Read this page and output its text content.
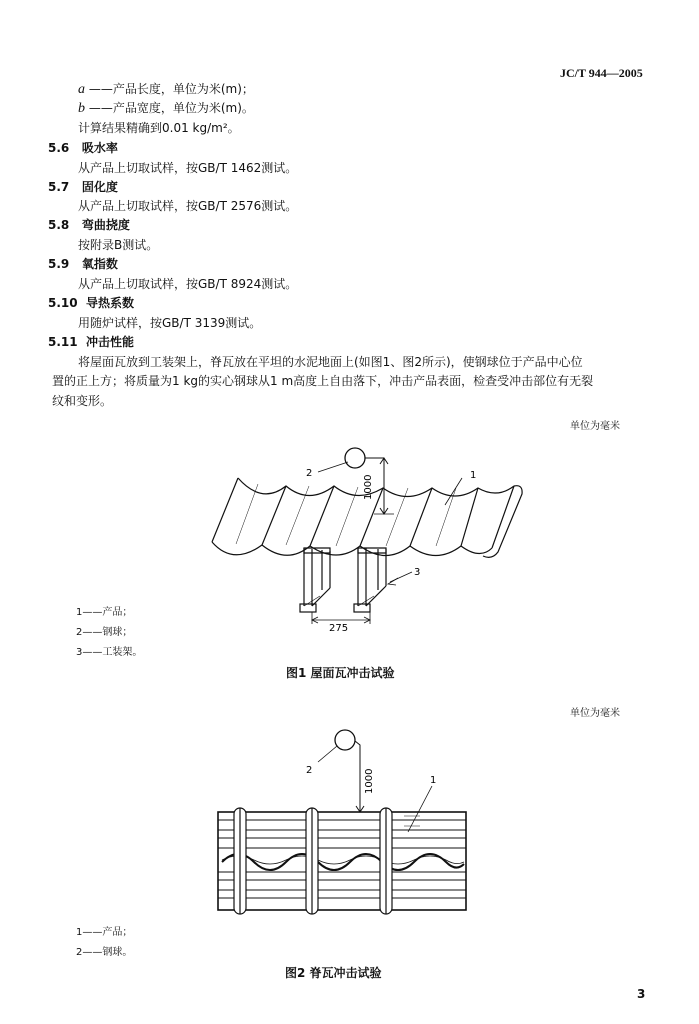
JC/T 944—2005
a ——产品长度，单位为米(m)；
b ——产品宽度，单位为米(m)。
计算结果精确到0.01 kg/m²。
5.6 吸水率
从产品上切取试样，按GB/T 1462测试。
5.7 固化度
从产品上切取试样，按GB/T 2576测试。
5.8 弯曲挠度
按附录B测试。
5.9 氧指数
从产品上切取试样，按GB/T 8924测试。
5.10 导热系数
用随炉试样，按GB/T 3139测试。
5.11 冲击性能
将屋面瓦放到工装架上，脊瓦放在平坦的水泥地面上(如图1、图2所示)，使钢球位于产品中心位
置的正上方；将质量为1 kg的实心钢球从1 m高度上自由落下，冲击产品表面，检查受冲击部位有无裂
纹和变形。
单位为毫米
1000
2	1
3
275
1000
2
1
1——产品；
2——钢球；
3——工装架。
图1 屋面瓦冲击试验
单位为毫米
1——产品；
2——钢球。
图2 脊瓦冲击试验
3
